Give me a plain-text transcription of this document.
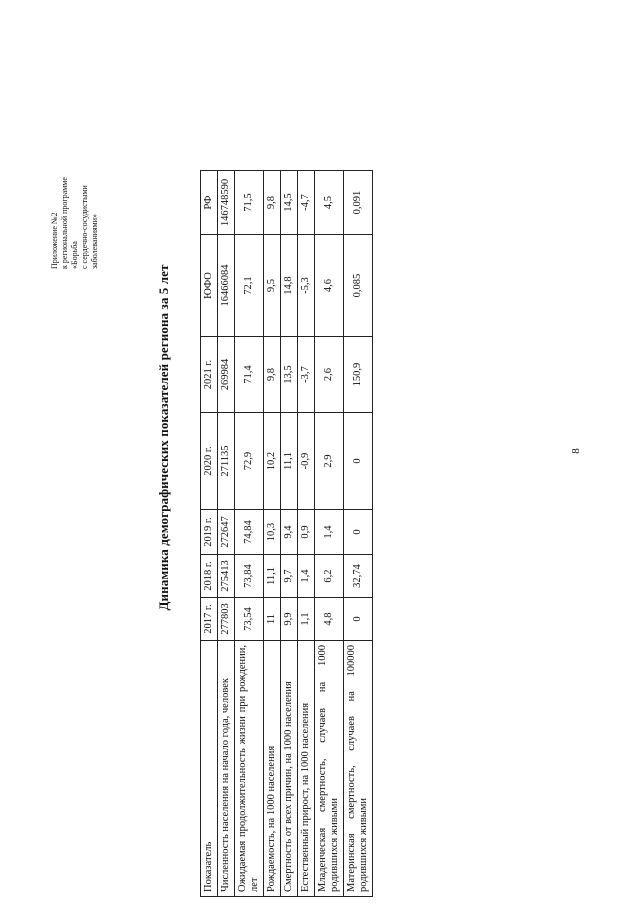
Приложение №2 к региональной программе «Борьба с сердечно-сосудистыми заболеваниями»
Динамика демографических показателей региона за 5 лет
Показатель	2017 г.	2018 г.	2019 г.	2020 г.	2021 г.	ЮФО	РФ
Численность населения на начало года, человек	277803	275413	272647	271135	269984	16466084	146748590
Ожидаемая продолжительность жизни при рождении, лет	73,54	73,84	74,84	72,9	71,4	72,1	71,5
Рождаемость, на 1000 населения	11	11,1	10,3	10,2	9,8	9,5	9,8
Смертность от всех причин, на 1000 населения	9,9	9,7	9,4	11,1	13,5	14,8	14,5
Естественный прирост, на 1000 населения	1,1	1,4	0,9	-0,9	-3,7	-5,3	-4,7
Младенческая смертность, случаев на 1000 родившихся живыми	4,8	6,2	1,4	2,9	2,6	4,6	4,5
Материнская смертность, случаев на 100000 родившихся живыми	0	32,74	0	0	150,9	0,085	0,091
8
